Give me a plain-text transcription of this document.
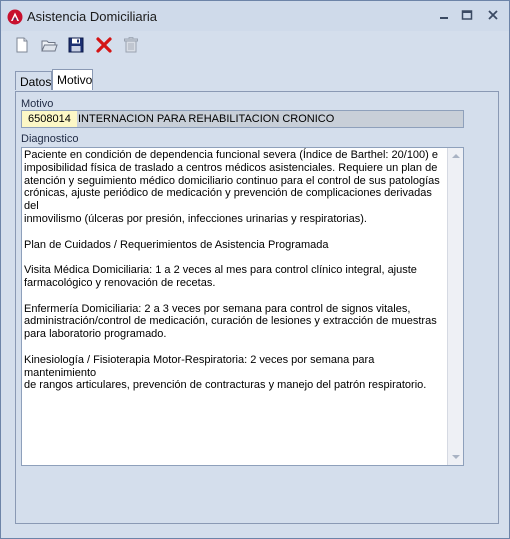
Asistencia Domiciliaria
Datos Motivo
Motivo
6508014 INTERNACION PARA REHABILITACION CRONICO
Diagnostico
Paciente en condición de dependencia funcional severa (Índice de Barthel: 20/100) e
imposibilidad física de traslado a centros médicos asistenciales. Requiere un plan de
atención y seguimiento médico domiciliario continuo para el control de sus patologías
crónicas, ajuste periódico de medicación y prevención de complicaciones derivadas del
inmovilismo (úlceras por presión, infecciones urinarias y respiratorias).

Plan de Cuidados / Requerimientos de Asistencia Programada

Visita Médica Domiciliaria: 1 a 2 veces al mes para control clínico integral, ajuste
farmacológico y renovación de recetas.

Enfermería Domiciliaria: 2 a 3 veces por semana para control de signos vitales,
administración/control de medicación, curación de lesiones y extracción de muestras
para laboratorio programado.

Kinesiología / Fisioterapia Motor-Respiratoria: 2 veces por semana para mantenimiento
de rangos articulares, prevención de contracturas y manejo del patrón respiratorio.
